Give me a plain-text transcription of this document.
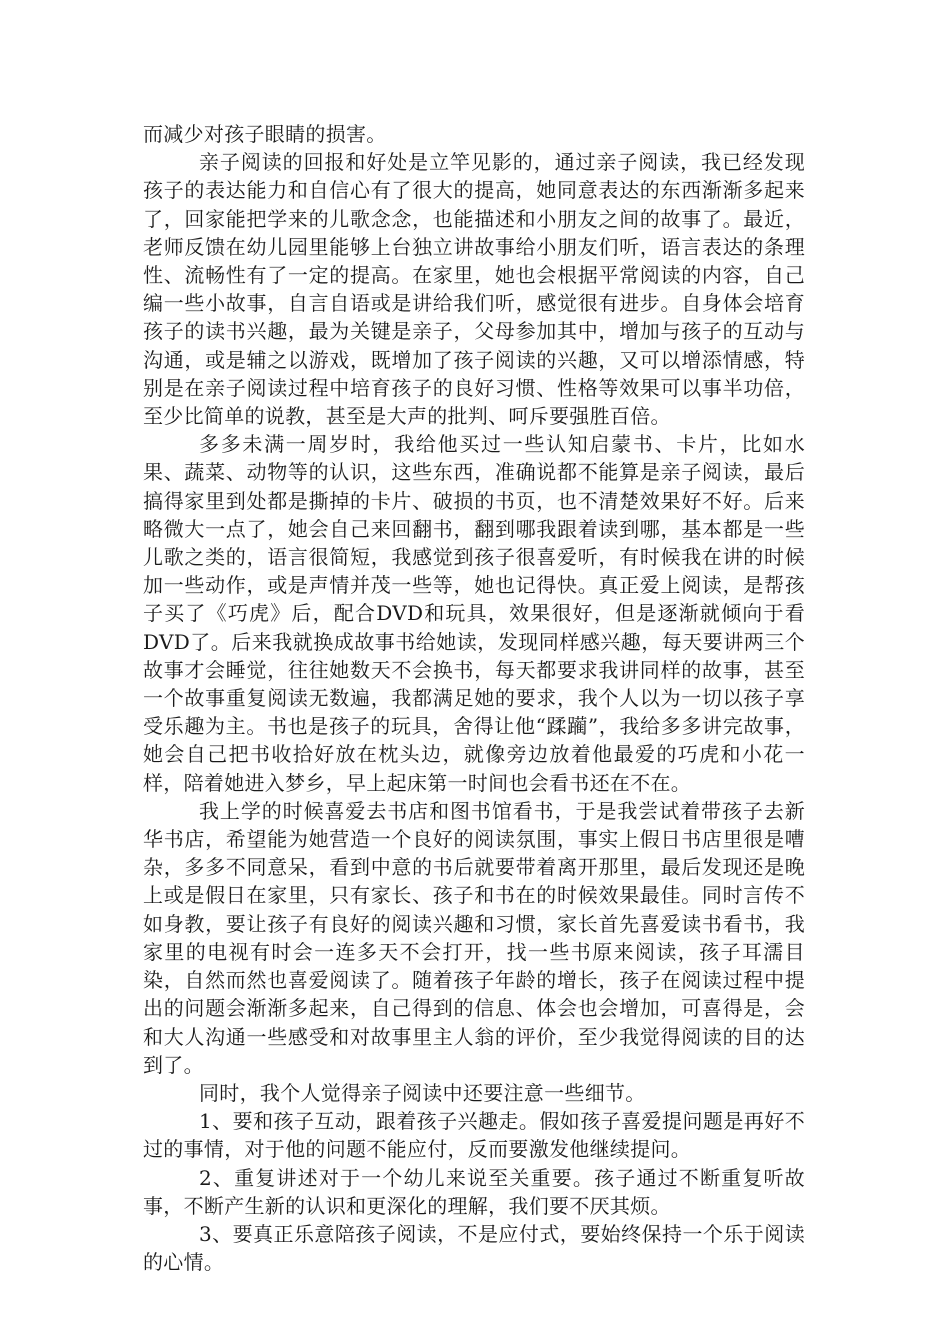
而减少对孩子眼睛的损害。

亲子阅读的回报和好处是立竿见影的，通过亲子阅读，我已经发现孩子的表达能力和自信心有了很大的提高，她同意表达的东西渐渐多起来了，回家能把学来的儿歌念念，也能描述和小朋友之间的故事了。最近，老师反馈在幼儿园里能够上台独立讲故事给小朋友们听，语言表达的条理性、流畅性有了一定的提高。在家里，她也会根据平常阅读的内容，自己编一些小故事，自言自语或是讲给我们听，感觉很有进步。自身体会培育孩子的读书兴趣，最为关键是亲子，父母参加其中，增加与孩子的互动与沟通，或是辅之以游戏，既增加了孩子阅读的兴趣，又可以增添情感，特别是在亲子阅读过程中培育孩子的良好习惯、性格等效果可以事半功倍，至少比简单的说教，甚至是大声的批判、呵斥要强胜百倍。

多多未满一周岁时，我给他买过一些认知启蒙书、卡片，比如水果、蔬菜、动物等的认识，这些东西，准确说都不能算是亲子阅读，最后搞得家里到处都是撕掉的卡片、破损的书页，也不清楚效果好不好。后来略微大一点了，她会自己来回翻书，翻到哪我跟着读到哪，基本都是一些儿歌之类的，语言很简短，我感觉到孩子很喜爱听，有时候我在讲的时候加一些动作，或是声情并茂一些等，她也记得快。真正爱上阅读，是帮孩子买了《巧虎》后，配合DVD和玩具，效果很好，但是逐渐就倾向于看DVD了。后来我就换成故事书给她读，发现同样感兴趣，每天要讲两三个故事才会睡觉，往往她数天不会换书，每天都要求我讲同样的故事，甚至一个故事重复阅读无数遍，我都满足她的要求，我个人以为一切以孩子享受乐趣为主。书也是孩子的玩具，舍得让他“蹂躏”，我给多多讲完故事，她会自己把书收拾好放在枕头边，就像旁边放着他最爱的巧虎和小花一样，陪着她进入梦乡，早上起床第一时间也会看书还在不在。

我上学的时候喜爱去书店和图书馆看书，于是我尝试着带孩子去新华书店，希望能为她营造一个良好的阅读氛围，事实上假日书店里很是嘈杂，多多不同意呆，看到中意的书后就要带着离开那里，最后发现还是晚上或是假日在家里，只有家长、孩子和书在的时候效果最佳。同时言传不如身教，要让孩子有良好的阅读兴趣和习惯，家长首先喜爱读书看书，我家里的电视有时会一连多天不会打开，找一些书原来阅读，孩子耳濡目染，自然而然也喜爱阅读了。随着孩子年龄的增长，孩子在阅读过程中提出的问题会渐渐多起来，自己得到的信息、体会也会增加，可喜得是，会和大人沟通一些感受和对故事里主人翁的评价，至少我觉得阅读的目的达到了。

同时，我个人觉得亲子阅读中还要注意一些细节。

1、要和孩子互动，跟着孩子兴趣走。假如孩子喜爱提问题是再好不过的事情，对于他的问题不能应付，反而要激发他继续提问。

2、重复讲述对于一个幼儿来说至关重要。孩子通过不断重复听故事，不断产生新的认识和更深化的理解，我们要不厌其烦。

3、要真正乐意陪孩子阅读，不是应付式，要始终保持一个乐于阅读的心情。
